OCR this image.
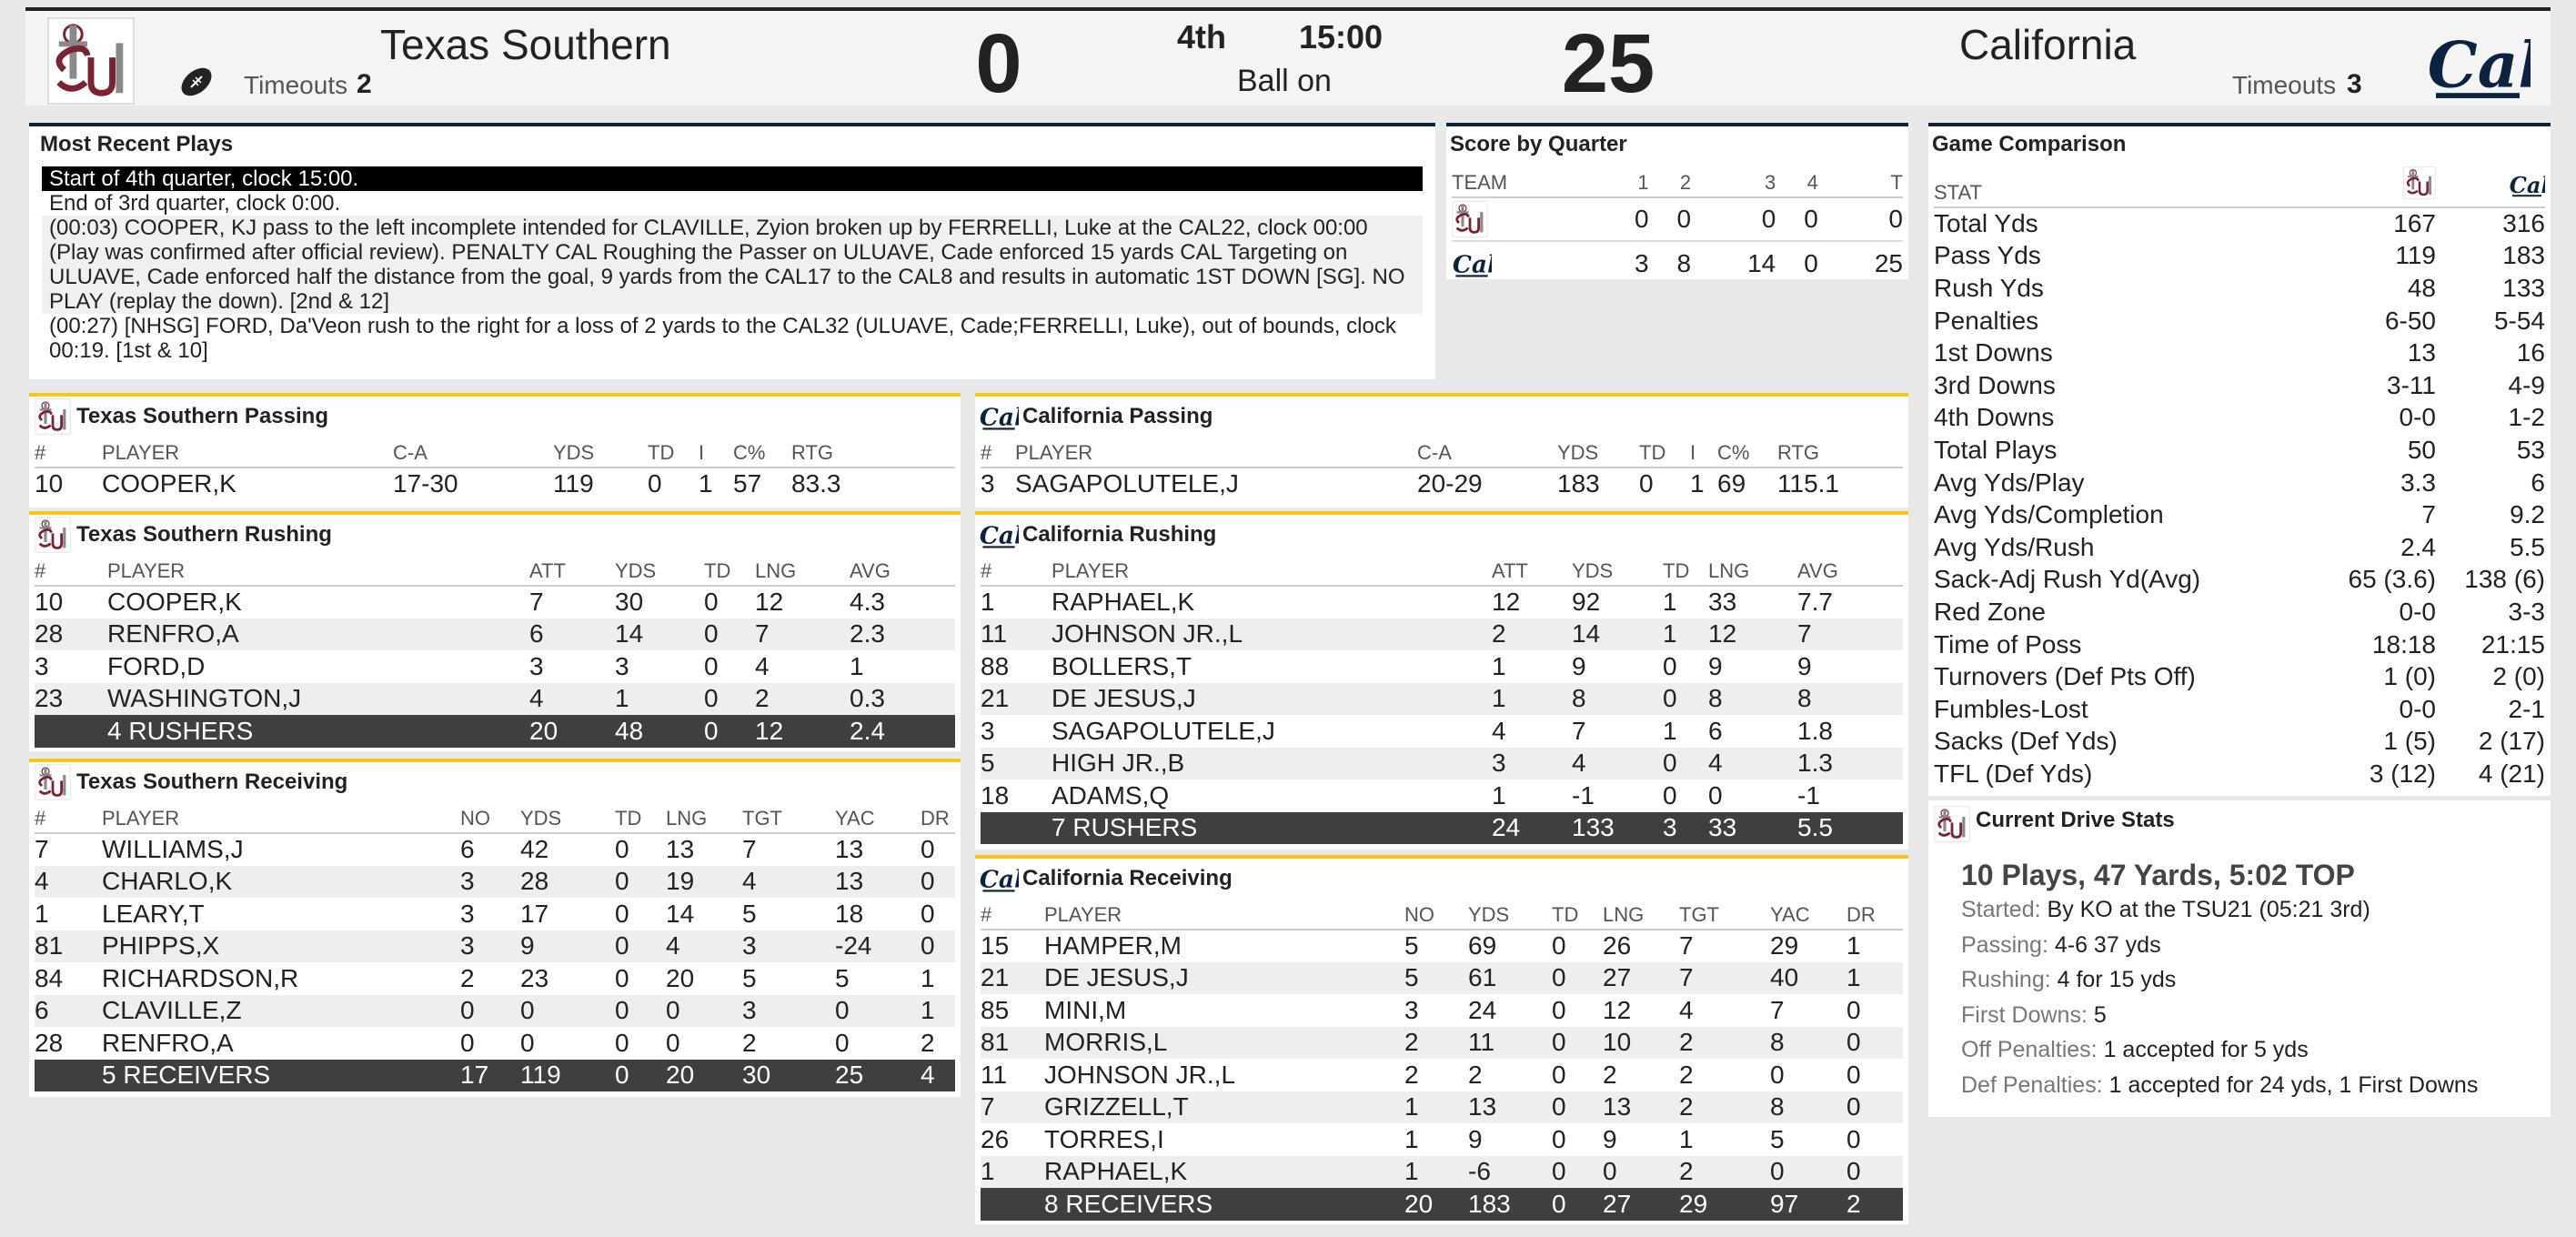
Texas Southern
Timeouts 2	0	4th 15:00
Ball on	25	California
Timeouts 3
Most Recent Plays
Start of 4th quarter, clock 15:00.
End of 3rd quarter, clock 0:00.
(00:03) COOPER, KJ pass to the left incomplete intended for CLAVILLE, Zyion broken up by FERRELLI, Luke at the CAL22, clock 00:00 (Play was confirmed after official review). PENALTY CAL Roughing the Passer on ULUAVE, Cade enforced 15 yards CAL Targeting on ULUAVE, Cade enforced half the distance from the goal, 9 yards from the CAL17 to the CAL8 and results in automatic 1ST DOWN [SG]. NO PLAY (replay the down). [2nd & 12]
(00:27) [NHSG] FORD, Da'Veon rush to the right for a loss of 2 yards to the CAL32 (ULUAVE, Cade;FERRELLI, Luke), out of bounds, clock 00:19. [1st & 10]
Score by Quarter
TEAM	1	2	3	4	T

	0	0	0	0	0

	3	8	14	0	25
Game Comparison
STAT		
Total Yds	167	316
Pass Yds	119	183
Rush Yds	48	133
Penalties	6-50	5-54
1st Downs	13	16
3rd Downs	3-11	4-9
4th Downs	0-0	1-2
Total Plays	50	53
Avg Yds/Play	3.3	6
Avg Yds/Completion	7	9.2
Avg Yds/Rush	2.4	5.5
Sack-Adj Rush Yd(Avg)	65 (3.6)	138 (6)
Red Zone	0-0	3-3
Time of Poss	18:18	21:15
Turnovers (Def Pts Off)	1 (0)	2 (0)
Fumbles-Lost	0-0	2-1
Sacks (Def Yds)	1 (5)	2 (17)
TFL (Def Yds)	3 (12)	4 (21)
Current Drive Stats
10 Plays, 47 Yards, 5:02 TOP
Started: By KO at the TSU21 (05:21 3rd)
Passing: 4-6 37 yds
Rushing: 4 for 15 yds
First Downs: 5
Off Penalties: 1 accepted for 5 yds
Def Penalties: 1 accepted for 24 yds, 1 First Downs
Texas Southern Passing
#	PLAYER	C-A	YDS	TD	I	C%	RTG
10	COOPER,K	17-30	119	0	1	57	83.3
California Passing
#	PLAYER	C-A	YDS	TD	I	C%	RTG
3	SAGAPOLUTELE,J	20-29	183	0	1	69	115.1
Texas Southern Rushing
#	PLAYER	ATT	YDS	TD	LNG	AVG
10	COOPER,K	7	30	0	12	4.3
28	RENFRO,A	6	14	0	7	2.3
3	FORD,D	3	3	0	4	1
23	WASHINGTON,J	4	1	0	2	0.3
	4 RUSHERS	20	48	0	12	2.4
California Rushing
#	PLAYER	ATT	YDS	TD	LNG	AVG
1	RAPHAEL,K	12	92	1	33	7.7
11	JOHNSON JR.,L	2	14	1	12	7
88	BOLLERS,T	1	9	0	9	9
21	DE JESUS,J	1	8	0	8	8
3	SAGAPOLUTELE,J	4	7	1	6	1.8
5	HIGH JR.,B	3	4	0	4	1.3
18	ADAMS,Q	1	-1	0	0	-1
	7 RUSHERS	24	133	3	33	5.5
Texas Southern Receiving
#	PLAYER	NO	YDS	TD	LNG	TGT	YAC	DR
7	WILLIAMS,J	6	42	0	13	7	13	0
4	CHARLO,K	3	28	0	19	4	13	0
1	LEARY,T	3	17	0	14	5	18	0
81	PHIPPS,X	3	9	0	4	3	-24	0
84	RICHARDSON,R	2	23	0	20	5	5	1
6	CLAVILLE,Z	0	0	0	0	3	0	1
28	RENFRO,A	0	0	0	0	2	0	2
	5 RECEIVERS	17	119	0	20	30	25	4
California Receiving
#	PLAYER	NO	YDS	TD	LNG	TGT	YAC	DR
15	HAMPER,M	5	69	0	26	7	29	1
21	DE JESUS,J	5	61	0	27	7	40	1
85	MINI,M	3	24	0	12	4	7	0
81	MORRIS,L	2	11	0	10	2	8	0
11	JOHNSON JR.,L	2	2	0	2	2	0	0
7	GRIZZELL,T	1	13	0	13	2	8	0
26	TORRES,I	1	9	0	9	1	5	0
1	RAPHAEL,K	1	-6	0	0	2	0	0
	8 RECEIVERS	20	183	0	27	29	97	2
